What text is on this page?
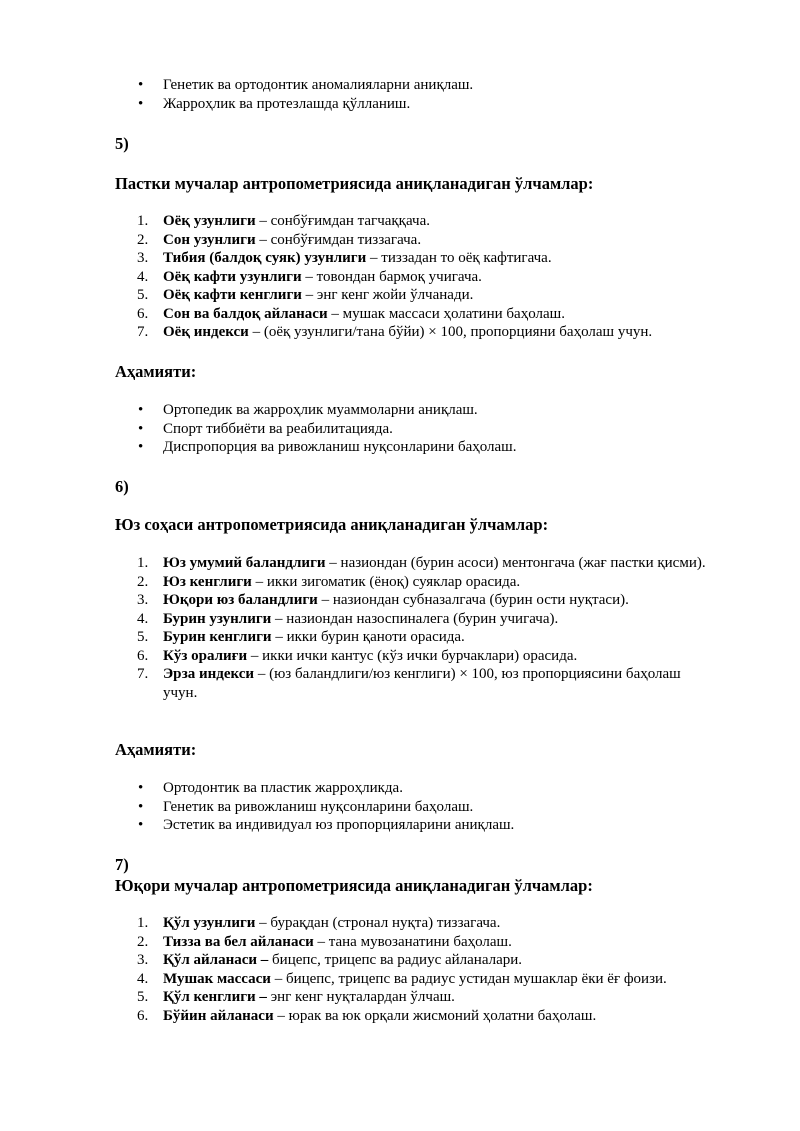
• Генетик ва ортодонтик аномалияларни аниқлаш.
• Жарроҳлик ва протезлашда қўлланиш.

5)

Пастки мучалар антропометриясида аниқланадиган ўлчамлар:

1. Оёқ узунлиги – сонбўғимдан тагчаққача.
2. Сон узунлиги – сонбўғимдан тиззагача.
3. Тибия (балдоқ суяк) узунлиги – тиззадан то оёқ кафтигача.
4. Оёқ кафти узунлиги – товондан бармоқ учигача.
5. Оёқ кафти кенглиги – энг кенг жойи ўлчанади.
6. Сон ва балдоқ айланаси – мушак массаси ҳолатини баҳолаш.
7. Оёқ индекси – (оёқ узунлиги/тана бўйи) × 100, пропорцияни баҳолаш учун.

Аҳамияти:

• Ортопедик ва жарроҳлик муаммоларни аниқлаш.
• Спорт тиббиёти ва реабилитацияда.
• Диспропорция ва ривожланиш нуқсонларини баҳолаш.

6)

Юз соҳаси антропометриясида аниқланадиган ўлчамлар:

1. Юз умумий баландлиги – назиондан (бурин асоси) ментонгача (жағ пастки қисми).
2. Юз кенглиги – икки зигоматик (ёноқ) суяклар орасида.
3. Юқори юз баландлиги – назиондан субназалгача (бурин ости нуқтаси).
4. Бурин узунлиги – назиондан назоспиналега (бурин учигача).
5. Бурин кенглиги – икки бурин қаноти орасида.
6. Кўз оралиғи – икки ички кантус (кўз ички бурчаклари) орасида.
7. Эрза индекси – (юз баландлиги/юз кенглиги) × 100, юз пропорциясини баҳолаш учун.

Аҳамияти:

• Ортодонтик ва пластик жарроҳликда.
• Генетик ва ривожланиш нуқсонларини баҳолаш.
• Эстетик ва индивидуал юз пропорцияларини аниқлаш.

7)

Юқори мучалар антропометриясида аниқланадиган ўлчамлар:

1. Қўл узунлиги – бурақдан (стронал нуқта) тиззагача.
2. Тизза ва бел айланаси – тана мувозанатини баҳолаш.
3. Қўл айланаси – бицепс, трицепс ва радиус айланалари.
4. Мушак массаси – бицепс, трицепс ва радиус устидан мушаклар ёки ёғ фоизи.
5. Қўл кенглиги – энг кенг нуқталардан ўлчаш.
6. Бўйин айланаси – юрак ва юк орқали жисмоний ҳолатни баҳолаш.
